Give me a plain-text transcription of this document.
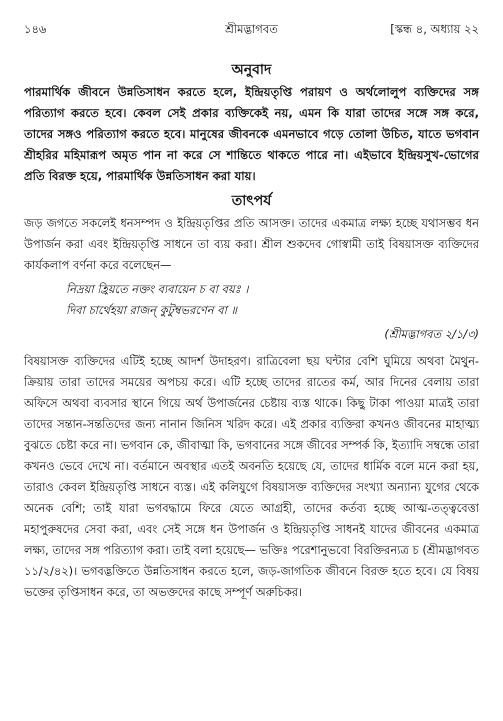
১৪৬	শ্রীমদ্ভাগবত	[স্কন্ধ ৪, অধ্যায় ২২
অনুবাদ

পারমার্থিক জীবনে উন্নতিসাধন করতে হলে, ইন্দ্রিয়তৃপ্তি পরায়ণ ও অর্থলোলুপ ব্যক্তিদের সঙ্গ পরিত্যাগ করতে হবে। কেবল সেই প্রকার ব্যক্তিকেই নয়, এমন কি যারা তাদের সঙ্গে সঙ্গ করে, তাদের সঙ্গও পরিত্যাগ করতে হবে। মানুষের জীবনকে এমনভাবে গড়ে তোলা উচিত, যাতে ভগবান শ্রীহরির মহিমারূপ অমৃত পান না করে সে শান্তিতে থাকতে পারে না। এইভাবে ইন্দ্রিয়সুখ-ভোগের প্রতি বিরক্ত হয়ে, পারমার্থিক উন্নতিসাধন করা যায়।

তাৎপর্য

জড় জগতে সকলেই ধনসম্পদ ও ইন্দ্রিয়তৃপ্তির প্রতি আসক্ত। তাদের একমাত্র লক্ষ্য হচ্ছে যথাসম্ভব ধন উপার্জন করা এবং ইন্দ্রিয়তৃপ্তি সাধনে তা ব্যয় করা। শ্রীল শুকদেব গোস্বামী তাই বিষয়াসক্ত ব্যক্তিদের কার্যকলাপ বর্ণনা করে বলেছেন—

নিদ্রয়া হ্রিয়তে নক্তং ব্যবায়েন চ বা বয়ঃ ।
দিবা চার্থেহয়া রাজন্ কুটুম্বভরণেন বা ॥
(শ্রীমদ্ভাগবত ২/১/৩)

বিষয়াসক্ত ব্যক্তিদের এটিই হচ্ছে আদর্শ উদাহরণ। রাত্রিবেলা ছয় ঘন্টার বেশি ঘুমিয়ে অথবা মৈথুন-ক্রিয়ায় তারা তাদের সময়ের অপচয় করে। এটি হচ্ছে তাদের রাতের কর্ম, আর দিনের বেলায় তারা অফিসে অথবা ব্যবসার স্থানে গিয়ে অর্থ উপার্জনের চেষ্টায় ব্যস্ত থাকে। কিছু টাকা পাওয়া মাত্রই তারা তাদের সন্তান-সন্ততিদের জন্য নানান জিনিস খরিদ করে। এই প্রকার ব্যক্তিরা কখনও জীবনের মাহাত্ম্য বুঝতে চেষ্টা করে না। ভগবান কে, জীবাত্মা কি, ভগবানের সঙ্গে জীবের সম্পর্ক কি, ইত্যাদি সম্বন্ধে তারা কখনও ভেবে দেখে না। বর্তমানে অবস্থার এতই অবনতি হয়েছে যে, তাদের ধার্মিক বলে মনে করা হয়, তারাও কেবল ইন্দ্রিয়তৃপ্তি সাধনে ব্যস্ত। এই কলিযুগে বিষয়াসক্ত ব্যক্তিদের সংখ্যা অন্যান্য যুগের থেকে অনেক বেশি; তাই যারা ভগবদ্ধামে ফিরে যেতে আগ্রহী, তাদের কর্তব্য হচ্ছে আত্ম-তত্ত্ববেত্তা মহাপুরুষদের সেবা করা, এবং সেই সঙ্গে ধন উপার্জন ও ইন্দ্রিয়তৃপ্তি সাধনই যাদের জীবনের একমাত্র লক্ষ্য, তাদের সঙ্গ পরিত্যাগ করা। তাই বলা হয়েছে— ভক্তিঃ পরেশানুভবো বিরক্তিরন্যত্র চ (শ্রীমদ্ভাগবত ১১/২/৪২)। ভগবদ্ভক্তিতে উন্নতিসাধন করতে হলে, জড়-জাগতিক জীবনে বিরক্ত হতে হবে। যে বিষয় ভক্তের তৃপ্তিসাধন করে, তা অভক্তদের কাছে সম্পূর্ণ অরুচিকর।
